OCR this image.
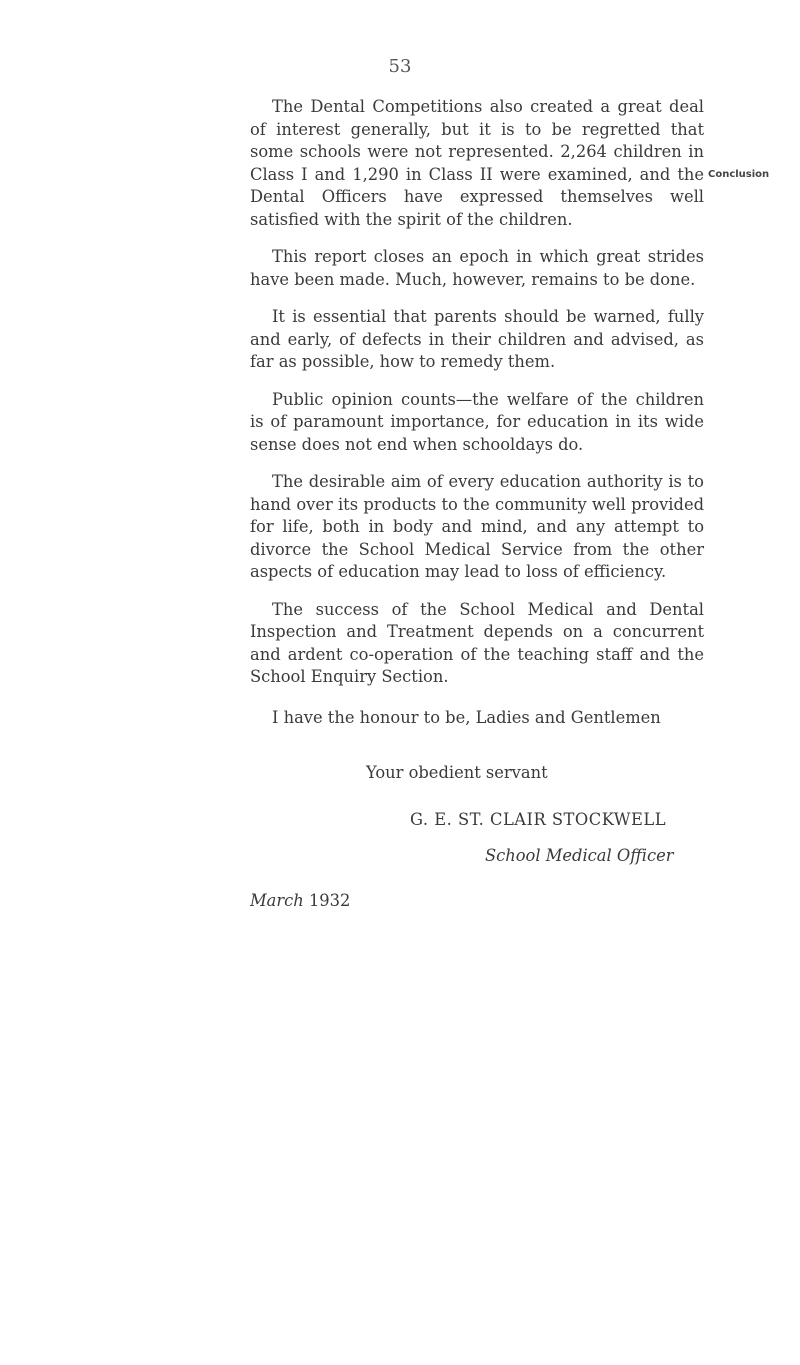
53
Conclusion

The Dental Competitions also created a great deal of interest generally, but it is to be regretted that some schools were not represented. 2,264 children in Class I and 1,290 in Class II were examined, and the Dental Officers have expressed themselves well satisfied with the spirit of the children.

This report closes an epoch in which great strides have been made. Much, however, remains to be done.

It is essential that parents should be warned, fully and early, of defects in their children and advised, as far as possible, how to remedy them.

Public opinion counts—the welfare of the children is of paramount importance, for education in its wide sense does not end when schooldays do.

The desirable aim of every education authority is to hand over its products to the community well provided for life, both in body and mind, and any attempt to divorce the School Medical Service from the other aspects of education may lead to loss of efficiency.

The success of the School Medical and Dental Inspection and Treatment depends on a concurrent and ardent co-operation of the teaching staff and the School Enquiry Section.

I have the honour to be, Ladies and Gentlemen
Your obedient servant
G. E. ST. CLAIR STOCKWELL
School Medical Officer
March 1932
